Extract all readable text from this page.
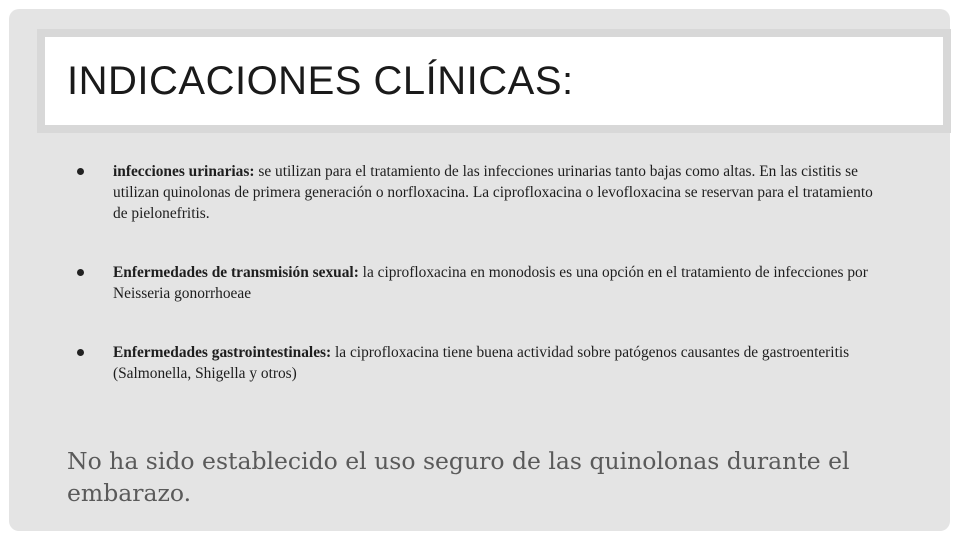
INDICACIONES CLÍNICAS:
infecciones urinarias: se utilizan para el tratamiento de las infecciones urinarias tanto bajas como altas. En las cistitis se utilizan quinolonas de primera generación o norfloxacina. La ciprofloxacina o levofloxacina se reservan para el tratamiento de pielonefritis.
Enfermedades de transmisión sexual: la ciprofloxacina en monodosis es una opción en el tratamiento de infecciones por Neisseria gonorrhoeae
Enfermedades gastrointestinales: la ciprofloxacina tiene buena actividad sobre patógenos causantes de gastroenteritis (Salmonella, Shigella y otros)

No ha sido establecido el uso seguro de las quinolonas durante el embarazo.
